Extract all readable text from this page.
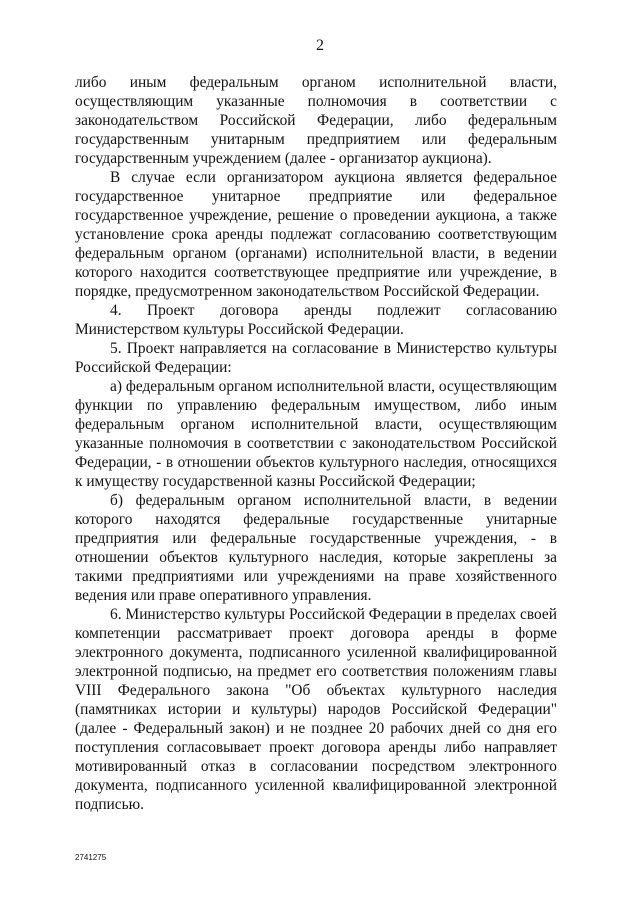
2

либо иным федеральным органом исполнительной власти, осуществляющим указанные полномочия в соответствии с законодательством Российской Федерации, либо федеральным государственным унитарным предприятием или федеральным государственным учреждением (далее - организатор аукциона).

В случае если организатором аукциона является федеральное государственное унитарное предприятие или федеральное государственное учреждение, решение о проведении аукциона, а также установление срока аренды подлежат согласованию соответствующим федеральным органом (органами) исполнительной власти, в ведении которого находится соответствующее предприятие или учреждение, в порядке, предусмотренном законодательством Российской Федерации.

4. Проект договора аренды подлежит согласованию Министерством культуры Российской Федерации.

5. Проект направляется на согласование в Министерство культуры Российской Федерации:

а) федеральным органом исполнительной власти, осуществляющим функции по управлению федеральным имуществом, либо иным федеральным органом исполнительной власти, осуществляющим указанные полномочия в соответствии с законодательством Российской Федерации, - в отношении объектов культурного наследия, относящихся к имуществу государственной казны Российской Федерации;

б) федеральным органом исполнительной власти, в ведении которого находятся федеральные государственные унитарные предприятия или федеральные государственные учреждения, - в отношении объектов культурного наследия, которые закреплены за такими предприятиями или учреждениями на праве хозяйственного ведения или праве оперативного управления.

6. Министерство культуры Российской Федерации в пределах своей компетенции рассматривает проект договора аренды в форме электронного документа, подписанного усиленной квалифицированной электронной подписью, на предмет его соответствия положениям главы VIII Федерального закона "Об объектах культурного наследия (памятниках истории и культуры) народов Российской Федерации" (далее - Федеральный закон) и не позднее 20 рабочих дней со дня его поступления согласовывает проект договора аренды либо направляет мотивированный отказ в согласовании посредством электронного документа, подписанного усиленной квалифицированной электронной подписью.

2741275
